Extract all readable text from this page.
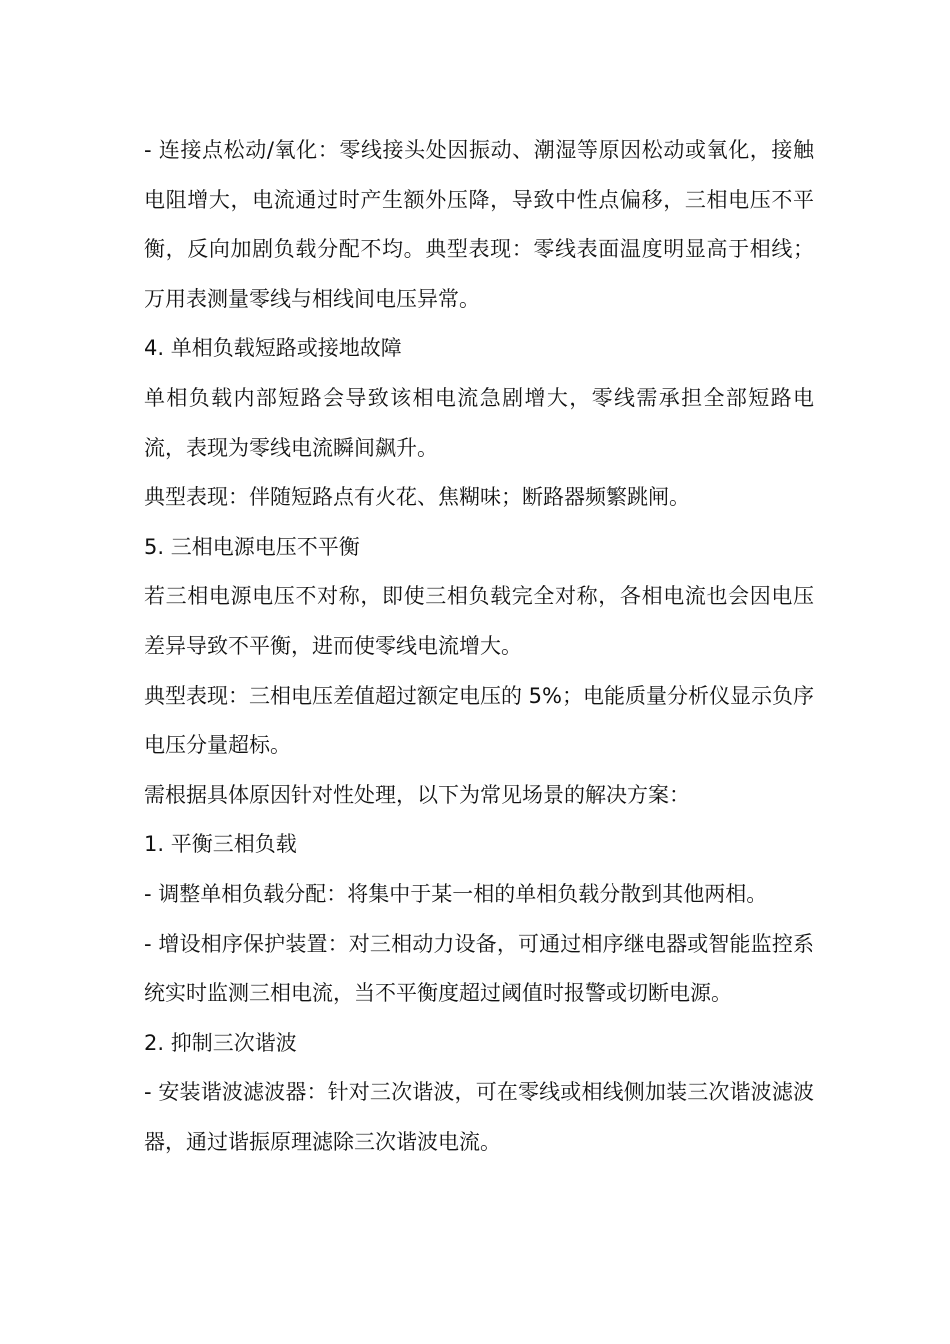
- 连接点松动/氧化：零线接头处因振动、潮湿等原因松动或氧化，接触电阻增大，电流通过时产生额外压降，导致中性点偏移，三相电压不平衡，反向加剧负载分配不均。典型表现：零线表面温度明显高于相线；万用表测量零线与相线间电压异常。

4. 单相负载短路或接地故障

单相负载内部短路会导致该相电流急剧增大，零线需承担全部短路电流，表现为零线电流瞬间飙升。

典型表现：伴随短路点有火花、焦糊味；断路器频繁跳闸。

5. 三相电源电压不平衡

若三相电源电压不对称，即使三相负载完全对称，各相电流也会因电压差异导致不平衡，进而使零线电流增大。

典型表现：三相电压差值超过额定电压的 5%；电能质量分析仪显示负序电压分量超标。

需根据具体原因针对性处理，以下为常见场景的解决方案：

1. 平衡三相负载

- 调整单相负载分配：将集中于某一相的单相负载分散到其他两相。

- 增设相序保护装置：对三相动力设备，可通过相序继电器或智能监控系统实时监测三相电流，当不平衡度超过阈值时报警或切断电源。

2. 抑制三次谐波

- 安装谐波滤波器：针对三次谐波，可在零线或相线侧加装三次谐波滤波器，通过谐振原理滤除三次谐波电流。
